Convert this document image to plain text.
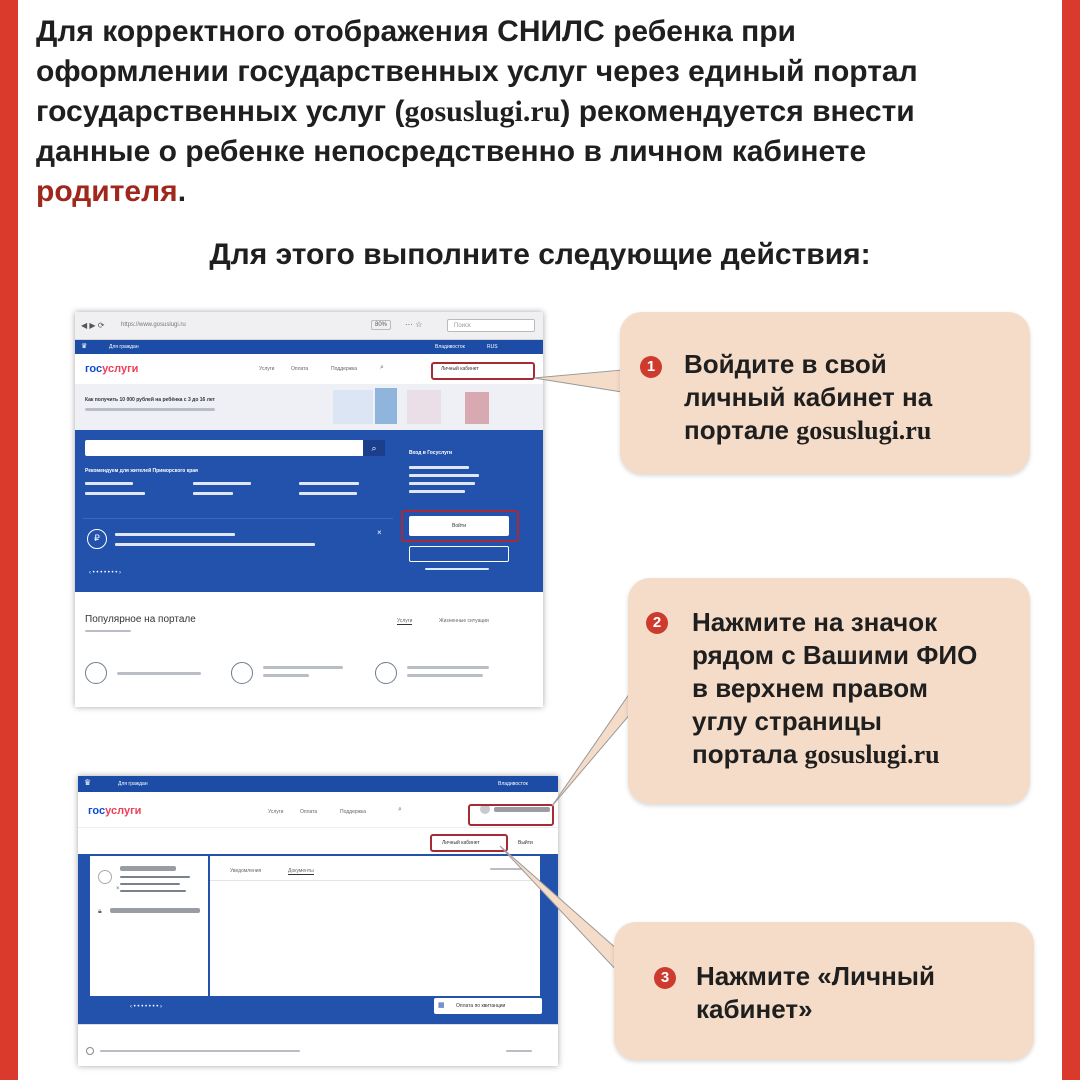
Для корректного отображения СНИЛС ребенка при
оформлении государственных услуг через единый портал
государственных услуг (gosuslugi.ru) рекомендуется внести
данные о ребенке непосредственно в личном кабинете
родителя.
Для этого выполните следующие действия:
◀ ▶ ⟳	https://www.gosuslugi.ru	80%	··· ☆	Поиск
♛	Для граждан	Владивосток	RUS
госуслуги	Услуги	Оплата	Поддержка	⌕	Личный кабинет
Как получить 10 000 рублей на ребёнка с 3 до 16 лет
⌕
Рекомендуем для жителей Приморского края
₽
×
‹ • • • • • • • ›
Вход в Госуслуги
Войти
Популярное на портале	Услуги	Жизненные ситуации
♛	Для граждан	Владивосток
госуслуги	Услуги	Оплата	Поддержка	⌕
Личный кабинет	Выйти
×
🔒︎
Уведомления	Документы
‹ • • • • • • • ›	▦ Оплата по квитанции
1 Войдите в свой
личный кабинет на
портале gosuslugi.ru
2 Нажмите на значок
рядом с Вашими ФИО
в верхнем правом
углу страницы
портала gosuslugi.ru
3 Нажмите «Личный
кабинет»
